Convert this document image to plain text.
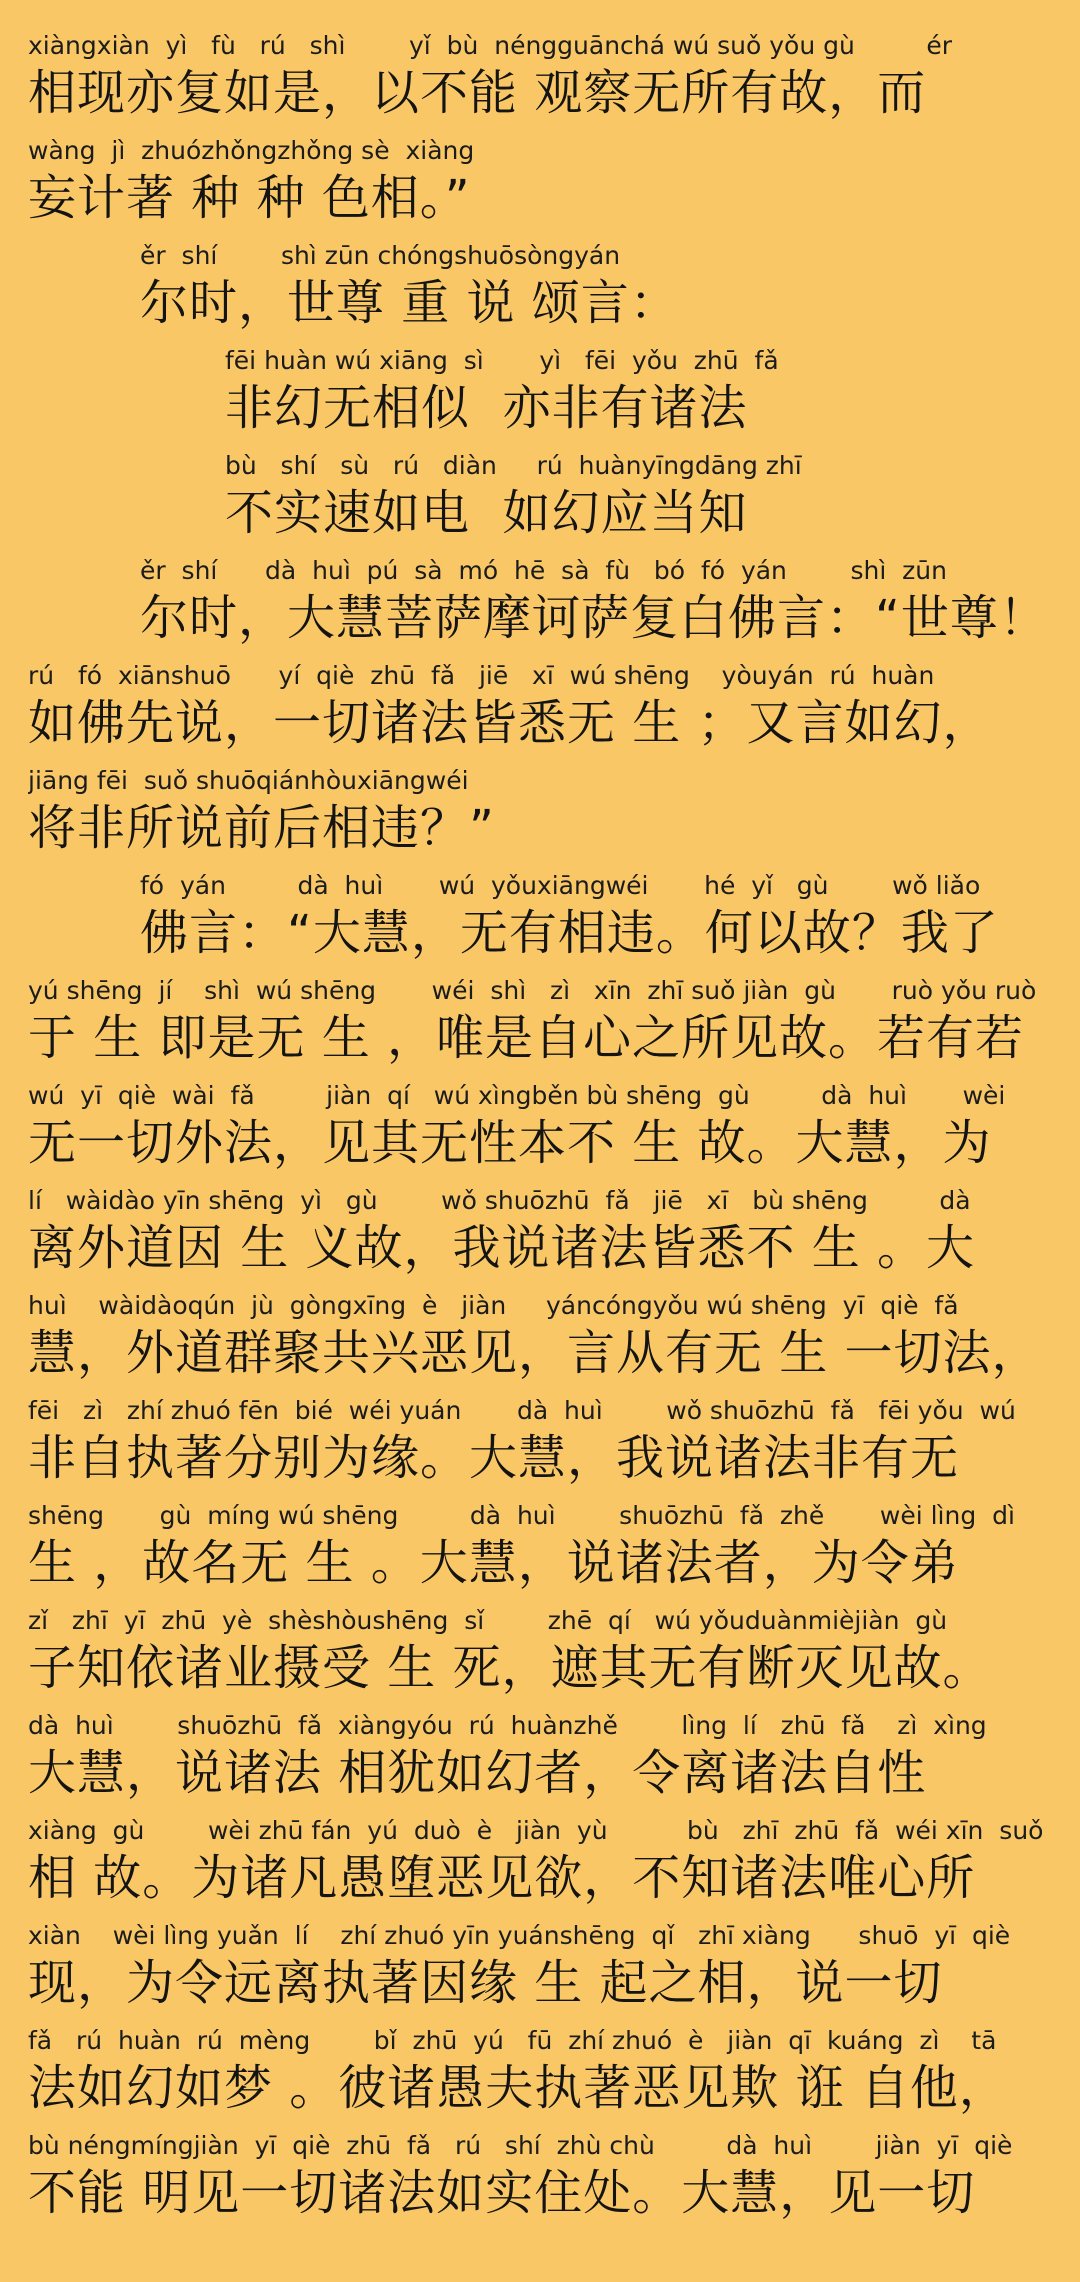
xiàngxiàn  yì   fù   rú   shì        yǐ  bù  néngguānchá wú suǒ yǒu gù         ér
相现亦复如是，以不能 观察无所有故，而
wàng  jì  zhuózhǒngzhǒng sè  xiàng
妄计著 种 种 色相。”
ěr  shí        shì zūn chóngshuōsòngyán
尔时，世尊 重 说 颂言：
fēi huàn wú xiāng  sì       yì   fēi  yǒu  zhū  fǎ
非幻无相似  亦非有诸法
bù   shí   sù   rú   diàn     rú  huànyīngdāng zhī
不实速如电  如幻应当知
ěr  shí      dà  huì  pú  sà  mó  hē  sà  fù   bó  fó  yán        shì  zūn
尔时，大慧菩萨摩诃萨复白佛言：“世尊！
rú   fó  xiānshuō      yí  qiè  zhū  fǎ   jiē   xī  wú shēng    yòuyán  rú  huàn
如佛先说，一切诸法皆悉无 生 ；又言如幻，
jiāng fēi  suǒ shuōqiánhòuxiāngwéi
将非所说前后相违？”
fó  yán         dà  huì       wú  yǒuxiāngwéi       hé  yǐ   gù        wǒ liǎo
佛言：“大慧，无有相违。何以故？我了
yú shēng  jí    shì  wú shēng       wéi  shì   zì   xīn  zhī suǒ jiàn  gù       ruò yǒu ruò
于 生 即是无 生 ，唯是自心之所见故。若有若
wú  yī  qiè  wài  fǎ         jiàn  qí   wú xìngběn bù shēng  gù         dà  huì       wèi
无一切外法，见其无性本不 生 故。大慧，为
lí   wàidào yīn shēng  yì   gù        wǒ shuōzhū  fǎ   jiē   xī   bù shēng         dà
离外道因 生 义故，我说诸法皆悉不 生 。大
huì    wàidàoqún  jù  gòngxīng  è   jiàn     yáncóngyǒu wú shēng  yī  qiè  fǎ
慧，外道群聚共兴恶见，言从有无 生 一切法，
fēi   zì   zhí zhuó fēn  bié  wéi yuán       dà  huì        wǒ shuōzhū  fǎ   fēi yǒu  wú
非自执著分别为缘。大慧，我说诸法非有无
shēng       gù  míng wú shēng         dà  huì        shuōzhū  fǎ  zhě       wèi lìng  dì
生 ，故名无 生 。大慧，说诸法者，为令弟
zǐ   zhī  yī  zhū  yè  shèshòushēng  sǐ        zhē  qí   wú yǒuduànmièjiàn  gù
子知依诸业摄受 生 死，遮其无有断灭见故。
dà  huì        shuōzhū  fǎ  xiàngyóu  rú  huànzhě        lìng  lí   zhū  fǎ    zì  xìng
大慧，说诸法 相犹如幻者，令离诸法自性
xiàng  gù        wèi zhū fán  yú  duò  è   jiàn  yù          bù   zhī  zhū  fǎ  wéi xīn  suǒ
相 故。为诸凡愚堕恶见欲，不知诸法唯心所
xiàn    wèi lìng yuǎn  lí    zhí zhuó yīn yuánshēng  qǐ   zhī xiàng      shuō  yī  qiè
现，为令远离执著因缘 生 起之相，说一切
fǎ   rú  huàn  rú  mèng        bǐ  zhū  yú   fū  zhí zhuó  è   jiàn  qī  kuáng  zì    tā
法如幻如梦 。彼诸愚夫执著恶见欺 诳 自他，
bù néngmíngjiàn  yī  qiè  zhū  fǎ   rú   shí  zhù chù         dà  huì        jiàn  yī  qiè
不能 明见一切诸法如实住处。大慧，见一切
